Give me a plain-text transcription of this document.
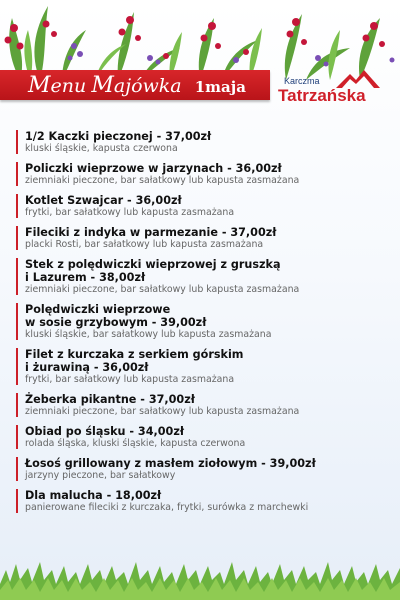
Menu Majówka 1maja	Karczma
Tatrzańska
1/2 Kaczki pieczonej - 37,00zł
kluski śląskie, kapusta czerwona
Policzki wieprzowe w jarzynach - 36,00zł
ziemniaki pieczone, bar sałatkowy lub kapusta zasmażana
Kotlet Szwajcar - 36,00zł
frytki, bar sałatkowy lub kapusta zasmażana
Fileciki z indyka w parmezanie - 37,00zł
placki Rosti, bar sałatkowy lub kapusta zasmażana
Stek z polędwiczki wieprzowej z gruszką
i Lazurem - 38,00zł
ziemniaki pieczone, bar sałatkowy lub kapusta zasmażana
Polędwiczki wieprzowe
w sosie grzybowym - 39,00zł
kluski śląskie, bar sałatkowy lub kapusta zasmażana
Filet z kurczaka z serkiem górskim
i żurawiną - 36,00zł
frytki, bar sałatkowy lub kapusta zasmażana
Żeberka pikantne - 37,00zł
ziemniaki pieczone, bar sałatkowy lub kapusta zasmażana
Obiad po śląsku - 34,00zł
rolada śląska, kluski śląskie, kapusta czerwona
Łosoś grillowany z masłem ziołowym - 39,00zł
jarzyny pieczone, bar sałatkowy
Dla malucha - 18,00zł
panierowane fileciki z kurczaka, frytki, surówka z marchewki
